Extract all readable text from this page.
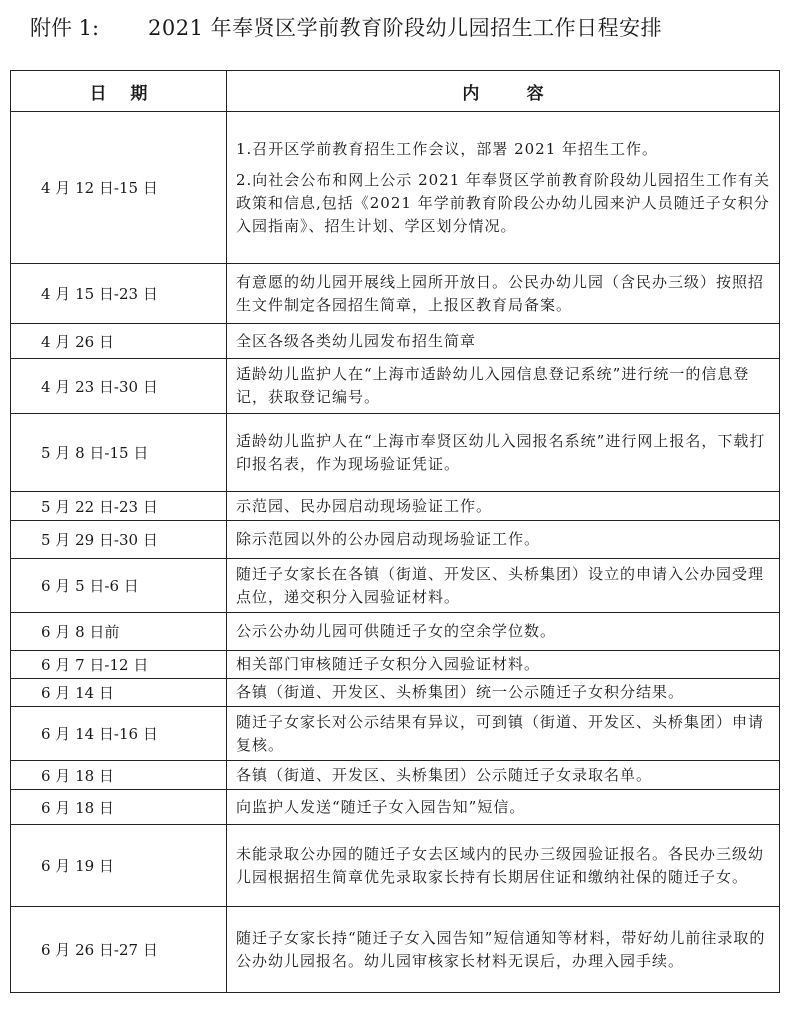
附件 1: 2021 年奉贤区学前教育阶段幼儿园招生工作日程安排
日    期	内        容
4 月 12 日-15 日	1.召开区学前教育招生工作会议，部署 2021 年招生工作。

2.向社会公布和网上公示 2021 年奉贤区学前教育阶段幼儿园招生工作有关政策和信息,包括《2021 年学前教育阶段公办幼儿园来沪人员随迁子女积分入园指南》、招生计划、学区划分情况。

4 月 15 日-23 日	有意愿的幼儿园开展线上园所开放日。公民办幼儿园（含民办三级）按照招生文件制定各园招生简章，上报区教育局备案。
4 月 26 日	全区各级各类幼儿园发布招生简章
4 月 23 日-30 日	适龄幼儿监护人在“上海市适龄幼儿入园信息登记系统”进行统一的信息登记，获取登记编号。
5 月 8 日-15 日	适龄幼儿监护人在“上海市奉贤区幼儿入园报名系统”进行网上报名，下载打印报名表，作为现场验证凭证。
5 月 22 日-23 日	示范园、民办园启动现场验证工作。
5 月 29 日-30 日	除示范园以外的公办园启动现场验证工作。
6 月 5 日-6 日	随迁子女家长在各镇（街道、开发区、头桥集团）设立的申请入公办园受理点位，递交积分入园验证材料。
6 月 8 日前	公示公办幼儿园可供随迁子女的空余学位数。
6 月 7 日-12 日	相关部门审核随迁子女积分入园验证材料。
6 月 14 日	各镇（街道、开发区、头桥集团）统一公示随迁子女积分结果。
6 月 14 日-16 日	随迁子女家长对公示结果有异议，可到镇（街道、开发区、头桥集团）申请复核。
6 月 18 日	各镇（街道、开发区、头桥集团）公示随迁子女录取名单。
6 月 18 日	向监护人发送“随迁子女入园告知”短信。
6 月 19 日	未能录取公办园的随迁子女去区域内的民办三级园验证报名。各民办三级幼儿园根据招生简章优先录取家长持有长期居住证和缴纳社保的随迁子女。
6 月 26 日-27 日	随迁子女家长持“随迁子女入园告知”短信通知等材料，带好幼儿前往录取的公办幼儿园报名。幼儿园审核家长材料无误后，办理入园手续。
